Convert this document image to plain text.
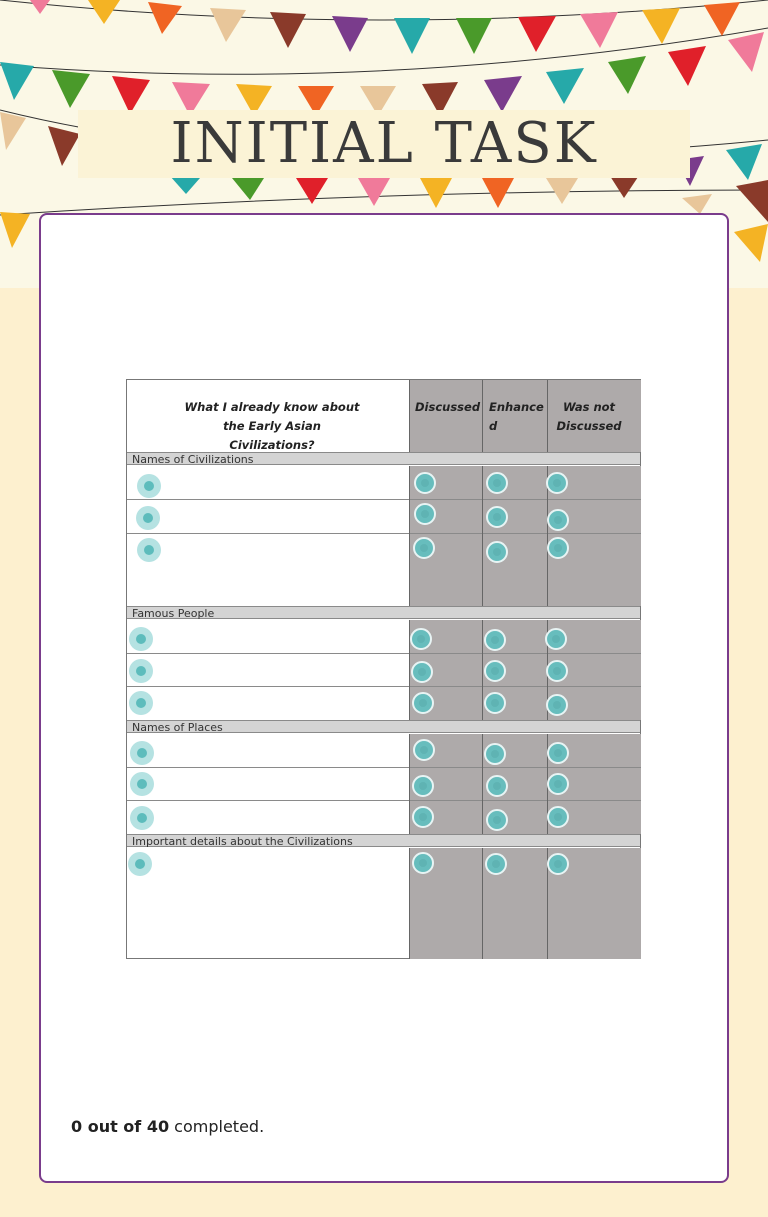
INITIAL TASK
What I already know about
the Early Asian
Civilizations?
Discussed Enhance
d
Was not
Discussed
Names of Civilizations
Famous People
Names of Places
Important details about the Civilizations
0 out of 40 completed.
